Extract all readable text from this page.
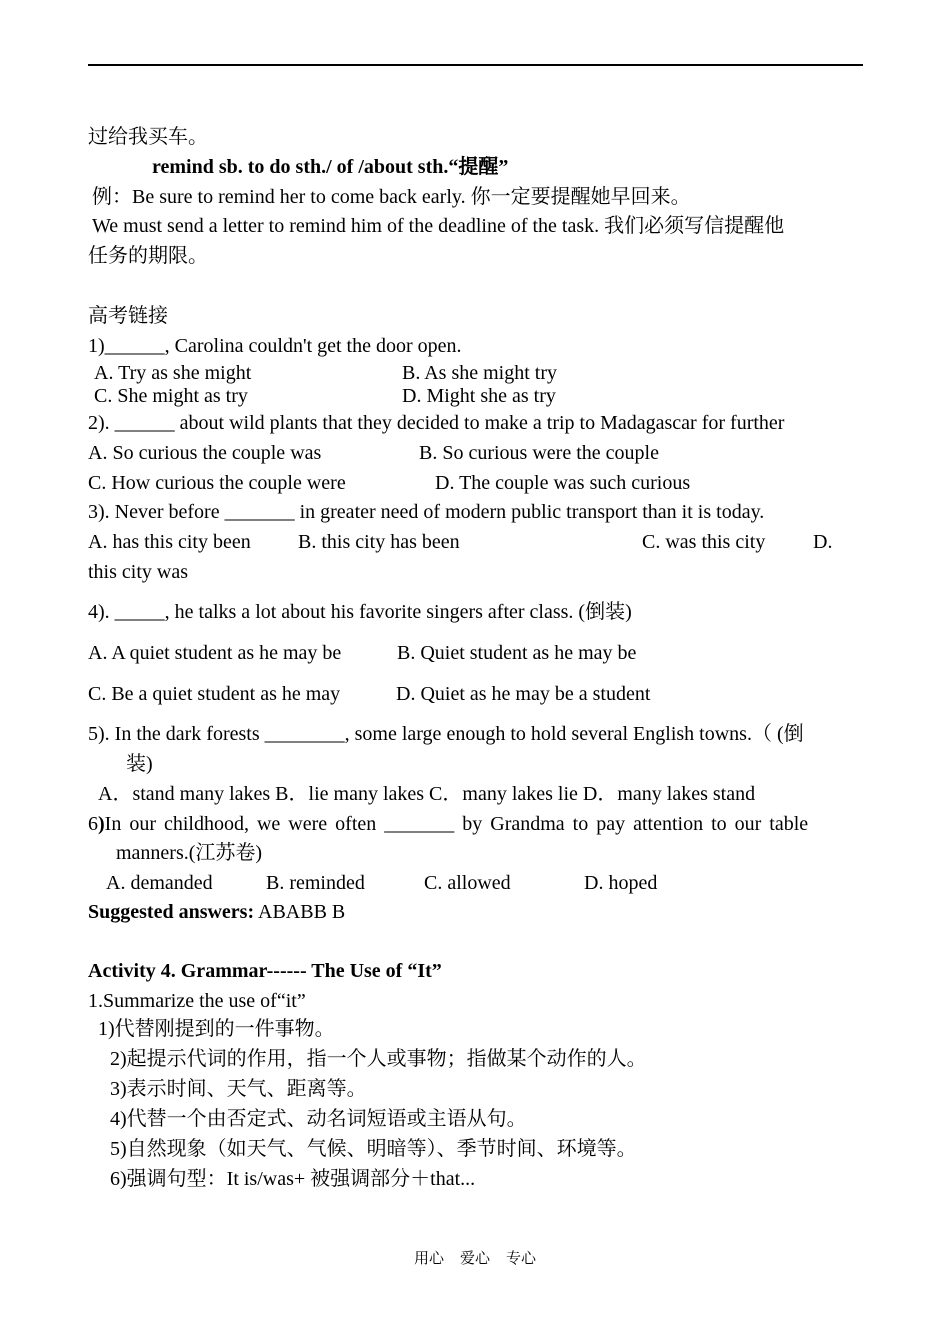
过给我买车。
remind sb. to do sth./ of /about sth.“提醒”
例：Be sure to remind her to come back early. 你一定要提醒她早回来。
We must send a letter to remind him of the deadline of the task. 我们必须写信提醒他
任务的期限。
高考链接
1)______, Carolina couldn't get the door open.
A. Try as she might	B. As she might try
C. She might as try	D. Might she as try
2). ______ about wild plants that they decided to make a trip to Madagascar for further
A. So curious the couple was	B. So curious were the couple
C. How curious the couple were	D. The couple was such curious
3). Never before _______ in greater need of modern public transport than it is today.
A. has this city been B. this city has been	C. was this city D.
this city was
4). _____, he talks a lot about his favorite singers after class. (倒装)
A. A quiet student as he may be	B. Quiet student as he may be
C. Be a quiet student as he may	D. Quiet as he may be a student
5). In the dark forests ________, some large enough to hold several English towns.（ (倒
装)
A．stand many lakes B．lie many lakes C．many lakes lie D．many lakes stand
6)In our childhood, we were often _______ by Grandma to pay attention to our table
manners.(江苏卷)
A. demanded	B. reminded	C. allowed	D. hoped
Suggested answers: ABABB B
Activity 4. Grammar------ The Use of “It”
1.Summarize the use of“it”
1)代替刚提到的一件事物。
2)起提示代词的作用，指一个人或事物；指做某个动作的人。
3)表示时间、天气、距离等。
4)代替一个由否定式、动名词短语或主语从句。
5)自然现象（如天气、气候、明暗等）、季节时间、环境等。
6)强调句型：It is/was+ 被强调部分＋that...
用心 爱心 专心
